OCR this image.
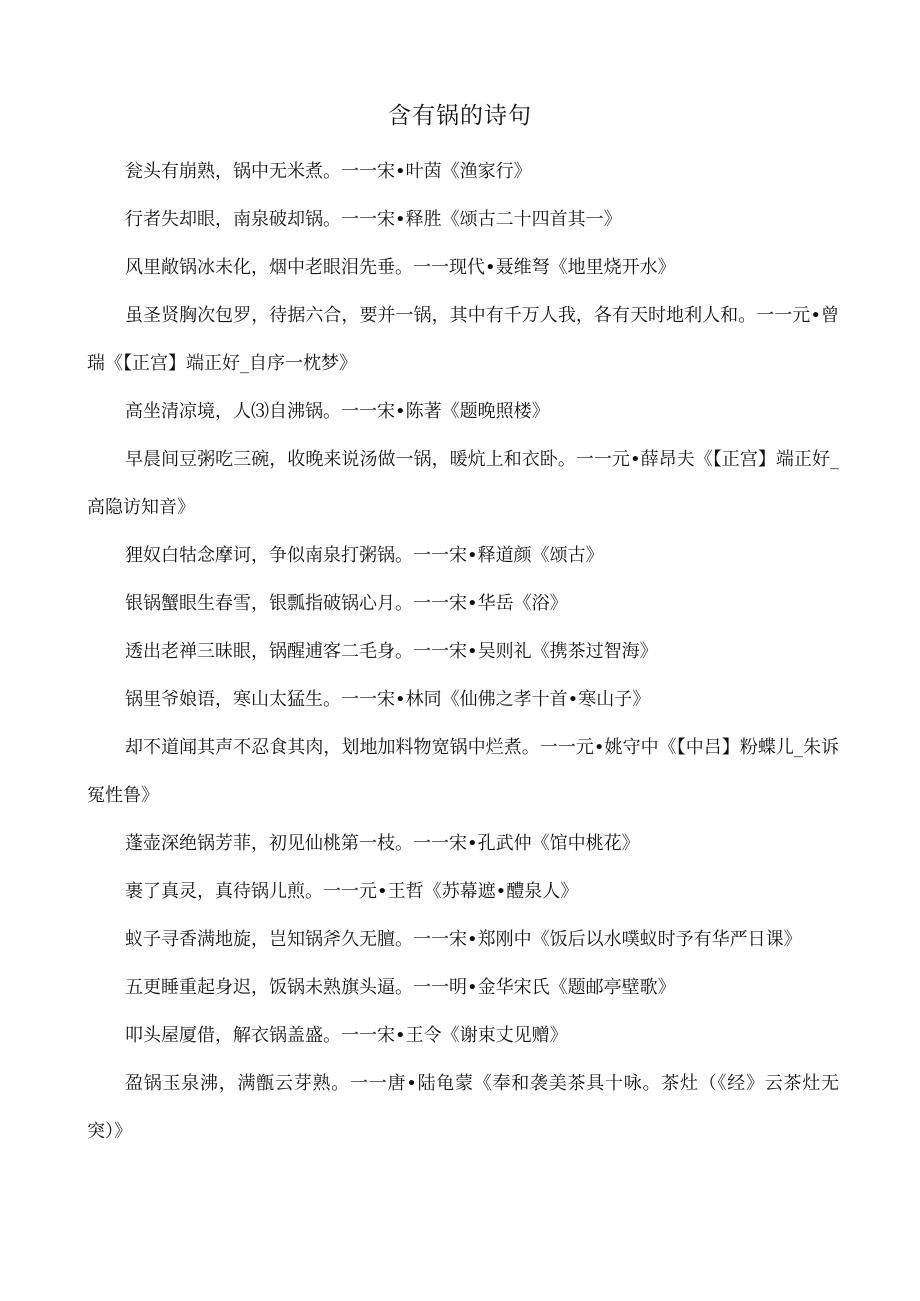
含有锅的诗句

瓮头有崩熟，锅中无米煮。一一宋•叶茵《渔家行》

行者失却眼，南泉破却锅。一一宋•释胜《颂古二十四首其一》

风里敞锅冰未化，烟中老眼泪先垂。一一现代•聂维弩《地里烧开水》

虽圣贤胸次包罗，待据六合，要并一锅，其中有千万人我，各有天时地利人和。一一元•曾瑞《【正宫】端正好_自序一枕梦》

高坐清凉境，人⑶自沸锅。一一宋•陈著《题晚照楼》

早晨间豆粥吃三碗，收晚来说汤做一锅，暖炕上和衣卧。一一元•薛昂夫《【正宫】端正好_高隐访知音》

狸奴白牯念摩诃，争似南泉打粥锅。一一宋•释道颜《颂古》

银锅蟹眼生春雪，银瓢指破锅心月。一一宋•华岳《浴》

透出老禅三昧眼，锅醒逋客二毛身。一一宋•吴则礼《携茶过智海》

锅里爷娘语，寒山太猛生。一一宋•林同《仙佛之孝十首•寒山子》

却不道闻其声不忍食其肉，划地加料物宽锅中烂煮。一一元•姚守中《【中吕】粉蝶儿_朱诉冤性鲁》

蓬壶深绝锅芳菲，初见仙桃第一枝。一一宋•孔武仲《馆中桃花》

裹了真灵，真待锅儿煎。一一元•王哲《苏幕遮•醴泉人》

蚁子寻香满地旋，岂知锅斧久无膻。一一宋•郑刚中《饭后以水噗蚁时予有华严日课》

五更睡重起身迟，饭锅未熟旗头逼。一一明•金华宋氏《题邮亭壁歌》

叩头屋厦借，解衣锅盖盛。一一宋•王令《谢束丈见赠》

盈锅玉泉沸，满甑云芽熟。一一唐•陆龟蒙《奉和袭美茶具十咏。茶灶（《经》云茶灶无突）》
